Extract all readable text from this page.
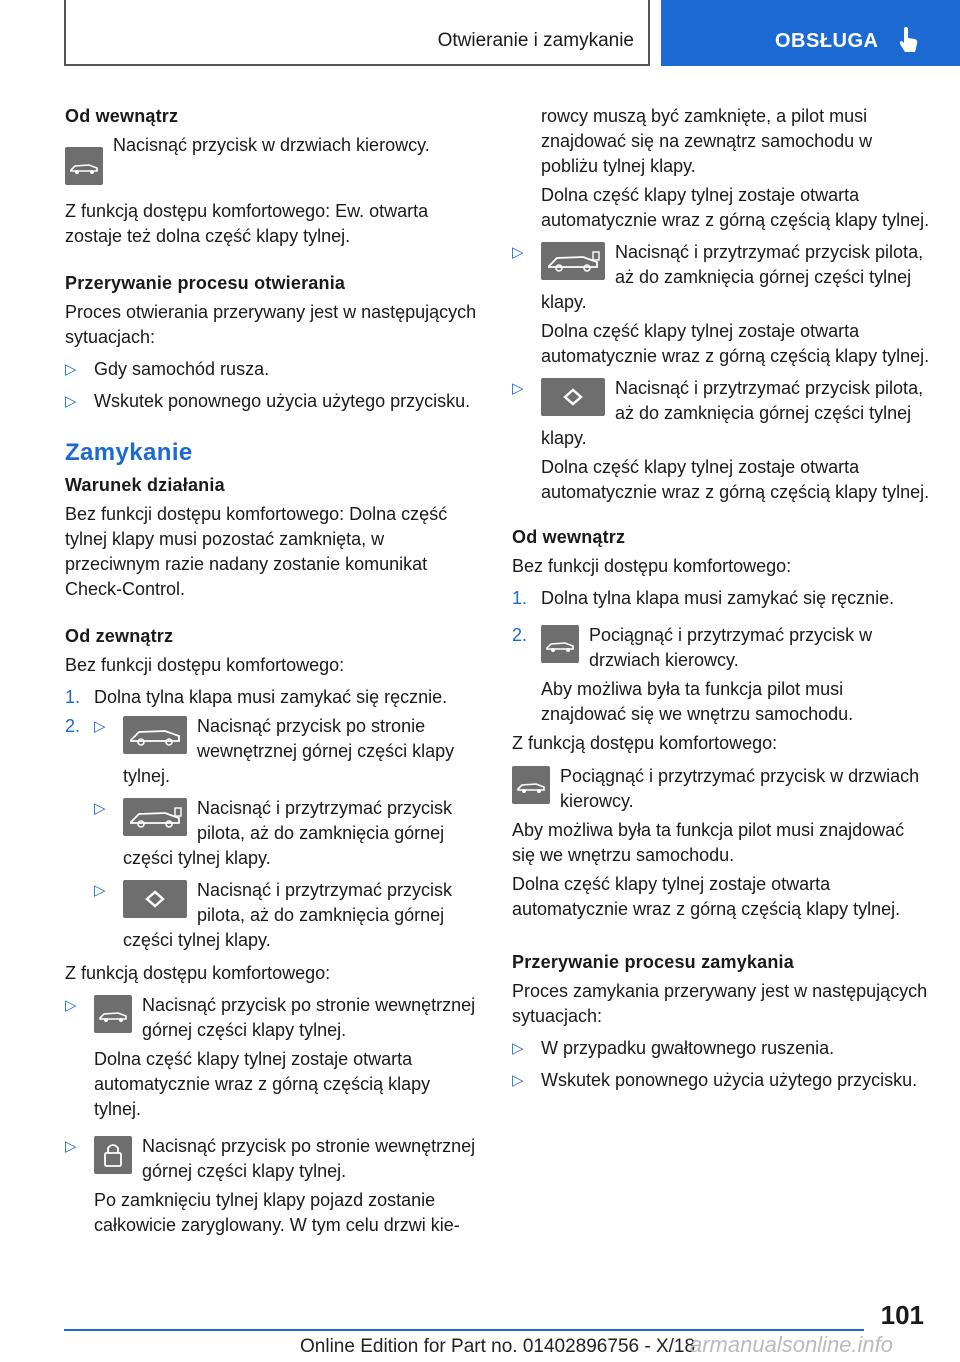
Otwieranie i zamykanie	OBSŁUGA
Od wewnątrz
Nacisnąć przycisk w drzwiach kierowcy.
Z funkcją dostępu komfortowego: Ew. otwarta zostaje też dolna część klapy tylnej.
Przerywanie procesu otwierania
Proces otwierania przerywany jest w następujących sytuacjach:
▷ Gdy samochód rusza.
▷ Wskutek ponownego użycia użytego przycisku.
Zamykanie
Warunek działania
Bez funkcji dostępu komfortowego: Dolna część tylnej klapy musi pozostać zamknięta, w przeciwnym razie nadany zostanie komunikat Check-Control.
Od zewnątrz
Bez funkcji dostępu komfortowego:
1. Dolna tylna klapa musi zamykać się ręcznie.
2. ▷	Nacisnąć przycisk po stronie wewnętrznej górnej części klapy tylnej.
▷	Nacisnąć i przytrzymać przycisk pilota, aż do zamknięcia górnej części tylnej klapy.
▷	Nacisnąć i przytrzymać przycisk pilota, aż do zamknięcia górnej części tylnej klapy.
Z funkcją dostępu komfortowego:
▷	Nacisnąć przycisk po stronie wewnętrznej górnej części klapy tylnej.
Dolna część klapy tylnej zostaje otwarta automatycznie wraz z górną częścią klapy tylnej.
▷	Nacisnąć przycisk po stronie wewnętrznej górnej części klapy tylnej.
Po zamknięciu tylnej klapy pojazd zostanie całkowicie zaryglowany. W tym celu drzwi kie-
rowcy muszą być zamknięte, a pilot musi znajdować się na zewnątrz samochodu w pobliżu tylnej klapy.
Dolna część klapy tylnej zostaje otwarta automatycznie wraz z górną częścią klapy tylnej.
▷	Nacisnąć i przytrzymać przycisk pilota, aż do zamknięcia górnej części tylnej klapy.
Dolna część klapy tylnej zostaje otwarta automatycznie wraz z górną częścią klapy tylnej.
▷	Nacisnąć i przytrzymać przycisk pilota, aż do zamknięcia górnej części tylnej klapy.
Dolna część klapy tylnej zostaje otwarta automatycznie wraz z górną częścią klapy tylnej.
Od wewnątrz
Bez funkcji dostępu komfortowego:
1. Dolna tylna klapa musi zamykać się ręcznie.
2.	Pociągnąć i przytrzymać przycisk w drzwiach kierowcy.
Aby możliwa była ta funkcja pilot musi znajdować się we wnętrzu samochodu.
Z funkcją dostępu komfortowego:
Pociągnąć i przytrzymać przycisk w drzwiach kierowcy.
Aby możliwa była ta funkcja pilot musi znajdować się we wnętrzu samochodu.
Dolna część klapy tylnej zostaje otwarta automatycznie wraz z górną częścią klapy tylnej.
Przerywanie procesu zamykania
Proces zamykania przerywany jest w następujących sytuacjach:
▷ W przypadku gwałtownego ruszenia.
▷ Wskutek ponownego użycia użytego przycisku.
101
Online Edition for Part no. 01402896756 - X/18
armanualsonline.info
